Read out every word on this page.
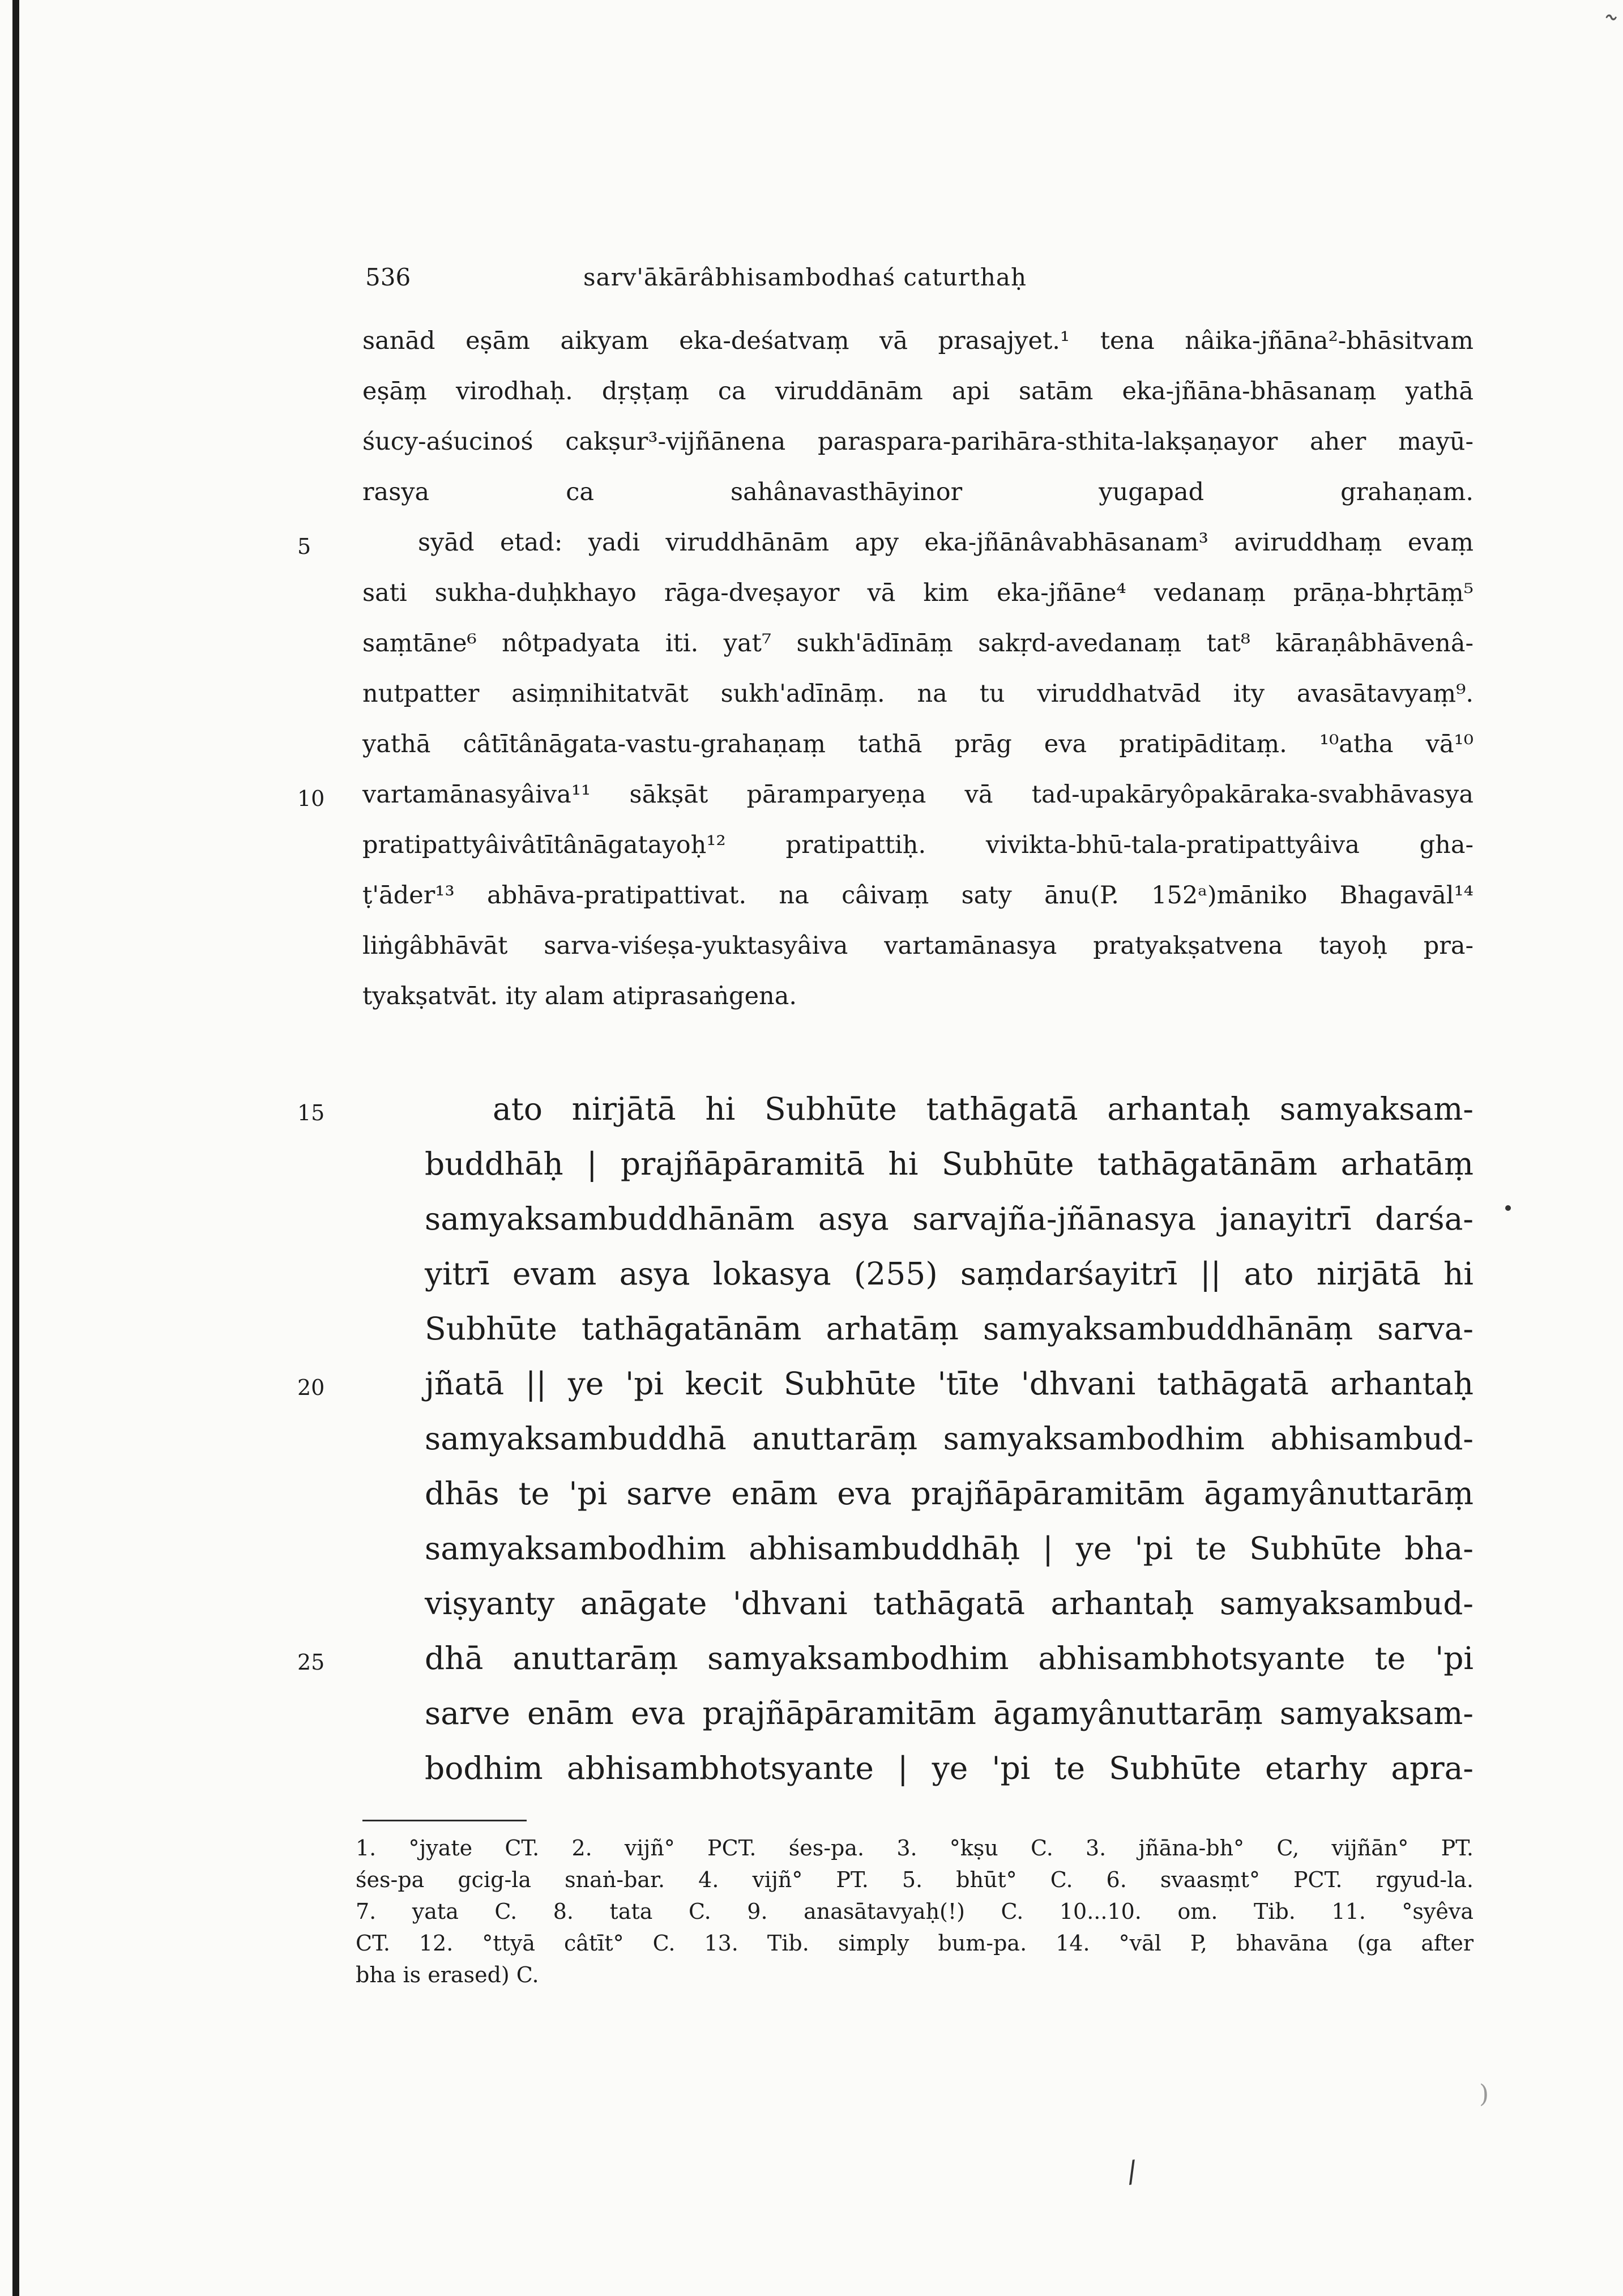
˜
536	sarv'ākārâbhisambodhaś caturthaḥ
sanād eṣām aikyam eka-deśatvaṃ vā prasajyet.¹ tena nâika-jñāna²-bhāsitvam
eṣāṃ virodhaḥ. dṛṣṭaṃ ca viruddānām api satām eka-jñāna-bhāsanaṃ yathā
śucy-aśucinoś cakṣur³-vijñānena paraspara-parihāra-sthita-lakṣaṇayor aher mayū-
rasya ca sahânavasthāyinor yugapad grahaṇam.
syād etad: yadi viruddhānām apy eka-jñānâvabhāsanam³ aviruddhaṃ evaṃ
sati sukha-duḥkhayo rāga-dveṣayor vā kim eka-jñāne⁴ vedanaṃ prāṇa-bhṛtāṃ⁵
saṃtāne⁶ nôtpadyata iti. yat⁷ sukh'ādīnāṃ sakṛd-avedanaṃ tat⁸ kāraṇâbhāvenâ-
nutpatter asiṃnihitatvāt sukh'adīnāṃ. na tu viruddhatvād ity avasātavyaṃ⁹.
yathā câtītânāgata-vastu-grahaṇaṃ tathā prāg eva pratipāditaṃ. ¹⁰atha vā¹⁰
vartamānasyâiva¹¹ sākṣāt pāramparyeṇa vā tad-upakāryôpakāraka-svabhāvasya
pratipattyâivâtītânāgatayoḥ¹² pratipattiḥ. vivikta-bhū-tala-pratipattyâiva gha-
ṭ'āder¹³ abhāva-pratipattivat. na câivaṃ saty ānu(P. 152ᵃ)māniko Bhagavāl¹⁴
liṅgâbhāvāt sarva-viśeṣa-yuktasyâiva vartamānasya pratyakṣatvena tayoḥ pra-
tyakṣatvāt. ity alam atiprasaṅgena.
5
10
ato nirjātā hi Subhūte tathāgatā arhantaḥ samyaksam-
buddhāḥ | prajñāpāramitā hi Subhūte tathāgatānām arhatāṃ
samyaksambuddhānām asya sarvajña-jñānasya janayitrī darśa-
yitrī evam asya lokasya (255) saṃdarśayitrī || ato nirjātā hi
Subhūte tathāgatānām arhatāṃ samyaksambuddhānāṃ sarva-
jñatā || ye 'pi kecit Subhūte 'tīte 'dhvani tathāgatā arhantaḥ
samyaksambuddhā anuttarāṃ samyaksambodhim abhisambud-
dhās te 'pi sarve enām eva prajñāpāramitām āgamyânuttarāṃ
samyaksambodhim abhisambuddhāḥ | ye 'pi te Subhūte bha-
viṣyanty anāgate 'dhvani tathāgatā arhantaḥ samyaksambud-
dhā anuttarāṃ samyaksambodhim abhisambhotsyante te 'pi
sarve enām eva prajñāpāramitām āgamyânuttarāṃ samyaksam-
bodhim abhisambhotsyante | ye 'pi te Subhūte etarhy apra-
15
20
25
1. °jyate CT. 2. vijñ° PCT. śes-pa. 3. °kṣu C. 3. jñāna-bh° C, vijñān° PT.
śes-pa gcig-la snaṅ-bar. 4. vijñ° PT. 5. bhūt° C. 6. svaasṃt° PCT. rgyud-la.
7. yata C. 8. tata C. 9. anasātavyaḥ(!) C. 10...10. om. Tib. 11. °syêva
CT. 12. °ttyā câtīt° C. 13. Tib. simply bum-pa. 14. °vāl P, bhavāna (ga after
bha is erased) C.
)
/
